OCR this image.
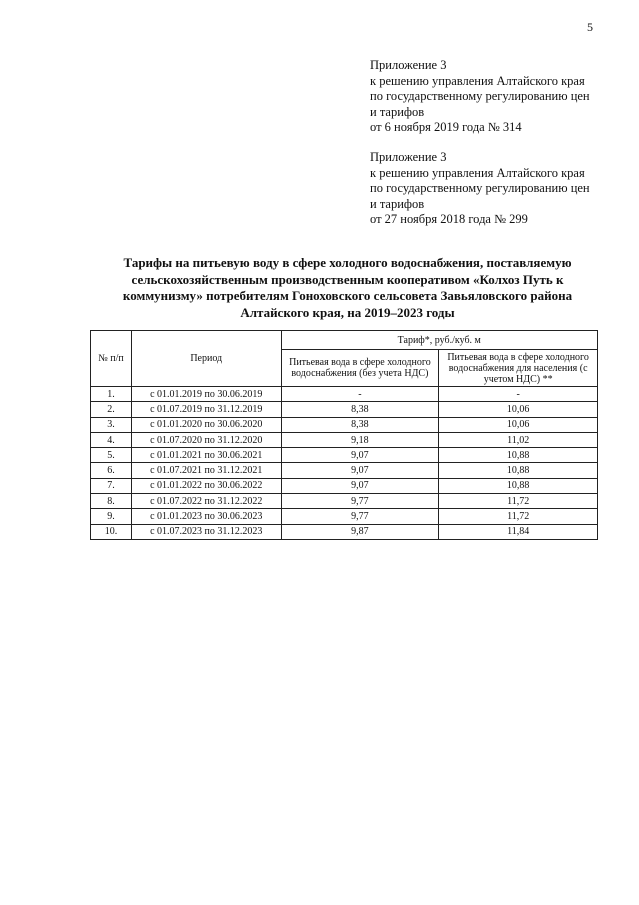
5
Приложение 3
к решению управления Алтайского края
по государственному регулированию цен
и тарифов
от 6 ноября 2019 года № 314
Приложение 3
к решению управления Алтайского края
по государственному регулированию цен
и тарифов
от 27 ноября 2018 года № 299
Тарифы на питьевую воду в сфере холодного водоснабжения, поставляемую
сельскохозяйственным производственным кооперативом «Колхоз Путь к
коммунизму» потребителям Гоноховского сельсовета Завьяловского района
Алтайского края, на 2019–2023 годы
№ п/п	Период	Тариф*, руб./куб. м	
		Питьевая вода в сфере холодного водоснабжения (без учета НДС)	Питьевая вода в сфере холодного водоснабжения для населения (с учетом НДС) **
1.	с 01.01.2019 по 30.06.2019	-	-
2.	с 01.07.2019 по 31.12.2019	8,38	10,06
3.	с 01.01.2020 по 30.06.2020	8,38	10,06
4.	с 01.07.2020 по 31.12.2020	9,18	11,02
5.	с 01.01.2021 по 30.06.2021	9,07	10,88
6.	с 01.07.2021 по 31.12.2021	9,07	10,88
7.	с 01.01.2022 по 30.06.2022	9,07	10,88
8.	с 01.07.2022 по 31.12.2022	9,77	11,72
9.	с 01.01.2023 по 30.06.2023	9,77	11,72
10.	с 01.07.2023 по 31.12.2023	9,87	11,84
